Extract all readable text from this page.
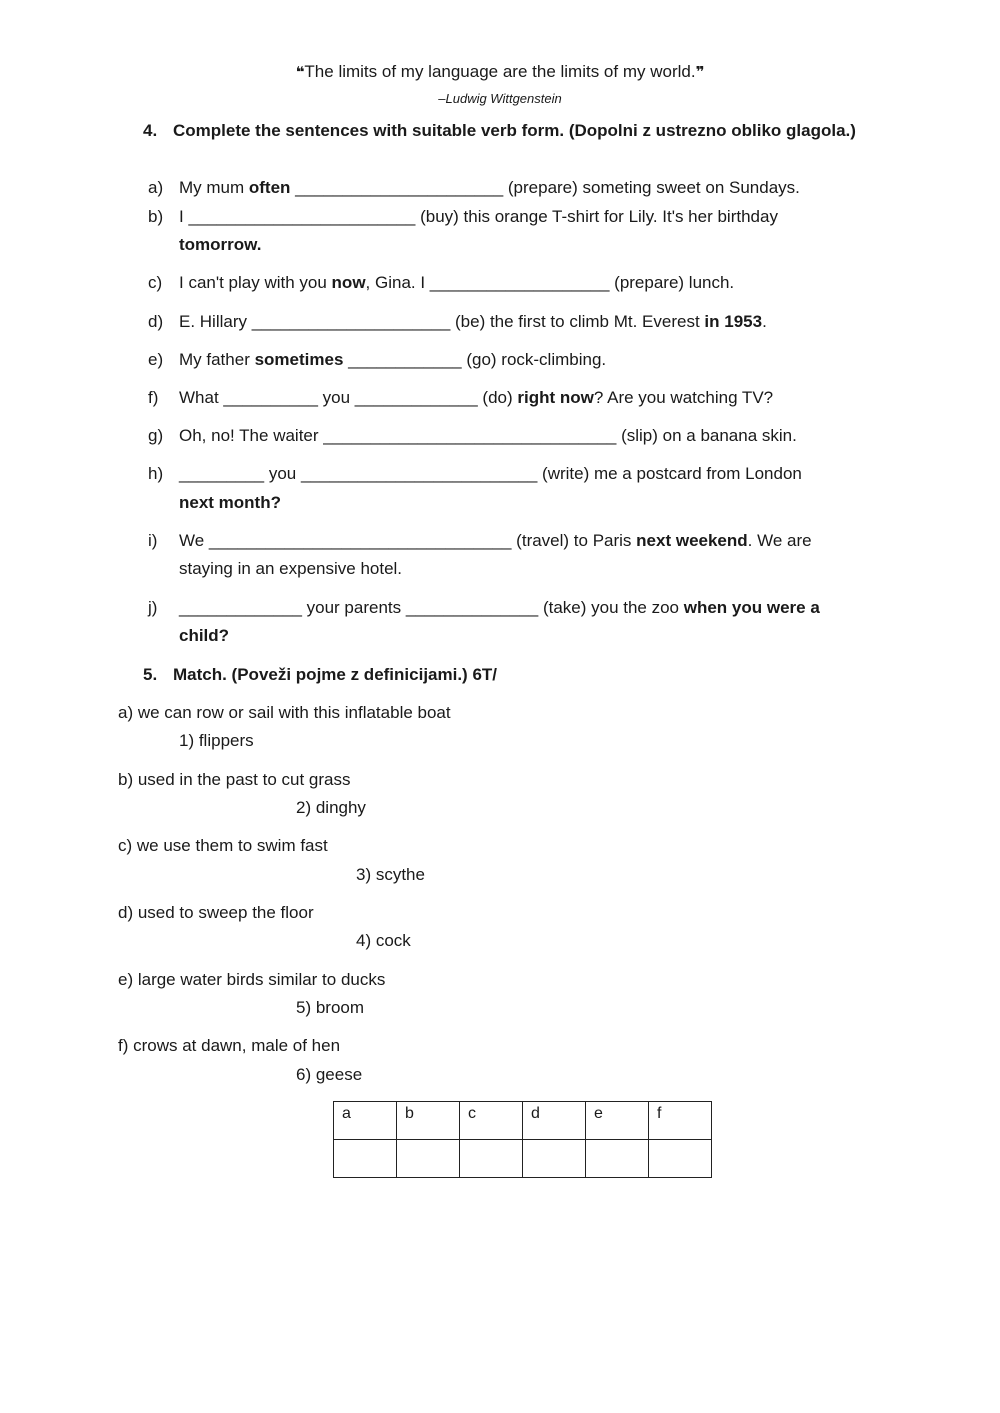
❝The limits of my language are the limits of my world.❞
–Ludwig Wittgenstein
4. Complete the sentences with suitable verb form. (Dopolni z ustrezno obliko glagola.)
a) My mum often ______________________ (prepare) someting sweet on Sundays.
b) I ________________________ (buy) this orange T-shirt for Lily. It's her birthday
tomorrow.
c) I can't play with you now, Gina. I ___________________ (prepare) lunch.
d) E. Hillary _____________________ (be) the first to climb Mt. Everest in 1953.
e) My father sometimes ____________ (go) rock-climbing.
f) What __________ you _____________ (do) right now? Are you watching TV?
g) Oh, no! The waiter _______________________________ (slip) on a banana skin.
h) _________ you _________________________ (write) me a postcard from London
next month?
i) We ________________________________ (travel) to Paris next weekend. We are
staying in an expensive hotel.
j) _____________ your parents ______________ (take) you the zoo when you were a
child?
5. Match. (Poveži pojme z definicijami.) 6T/
a) we can row or sail with this inflatable boat
1) flippers
b) used in the past to cut grass
2) dinghy
c) we use them to swim fast
3) scythe
d) used to sweep the floor
4) cock
e) large water birds similar to ducks
5) broom
f) crows at dawn, male of hen
6) geese
a	b	c	d	e	f
